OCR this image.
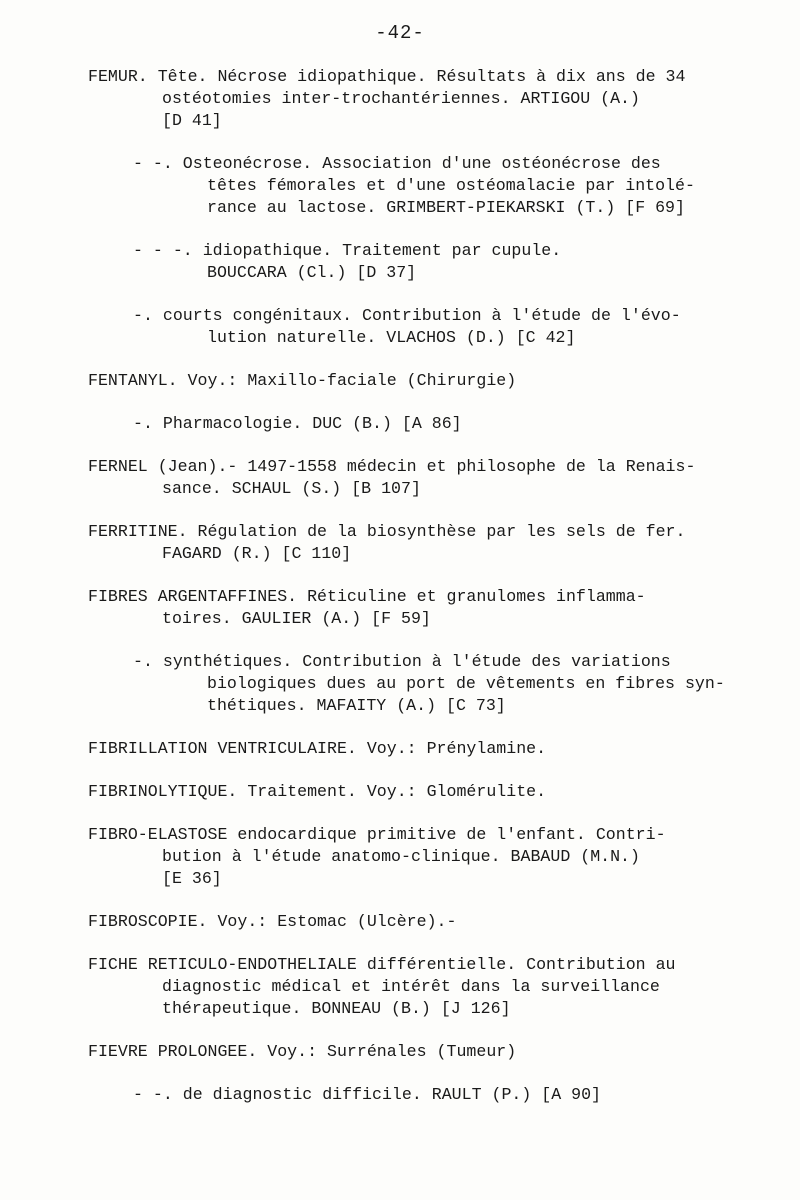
-42-
FEMUR. Tête. Nécrose idiopathique. Résultats à dix ans de 34
ostéotomies inter-trochantériennes. ARTIGOU (A.)
[D 41]
- -. Osteonécrose. Association d'une ostéonécrose des
têtes fémorales et d'une ostéomalacie par intolé-
rance au lactose. GRIMBERT-PIEKARSKI (T.) [F 69]
- - -. idiopathique. Traitement par cupule.
BOUCCARA (Cl.) [D 37]
-. courts congénitaux. Contribution à l'étude de l'évo-
lution naturelle. VLACHOS (D.) [C 42]
FENTANYL. Voy.: Maxillo-faciale (Chirurgie)
-. Pharmacologie. DUC (B.) [A 86]
FERNEL (Jean).- 1497-1558 médecin et philosophe de la Renais-
sance. SCHAUL (S.) [B 107]
FERRITINE. Régulation de la biosynthèse par les sels de fer.
FAGARD (R.) [C 110]
FIBRES ARGENTAFFINES. Réticuline et granulomes inflamma-
toires. GAULIER (A.) [F 59]
-. synthétiques. Contribution à l'étude des variations
biologiques dues au port de vêtements en fibres syn-
thétiques. MAFAITY (A.) [C 73]
FIBRILLATION VENTRICULAIRE. Voy.: Prénylamine.
FIBRINOLYTIQUE. Traitement. Voy.: Glomérulite.
FIBRO-ELASTOSE endocardique primitive de l'enfant. Contri-
bution à l'étude anatomo-clinique. BABAUD (M.N.)
[E 36]
FIBROSCOPIE. Voy.: Estomac (Ulcère).-
FICHE RETICULO-ENDOTHELIALE différentielle. Contribution au
diagnostic médical et intérêt dans la surveillance
thérapeutique. BONNEAU (B.) [J 126]
FIEVRE PROLONGEE. Voy.: Surrénales (Tumeur)
- -. de diagnostic difficile. RAULT (P.) [A 90]
